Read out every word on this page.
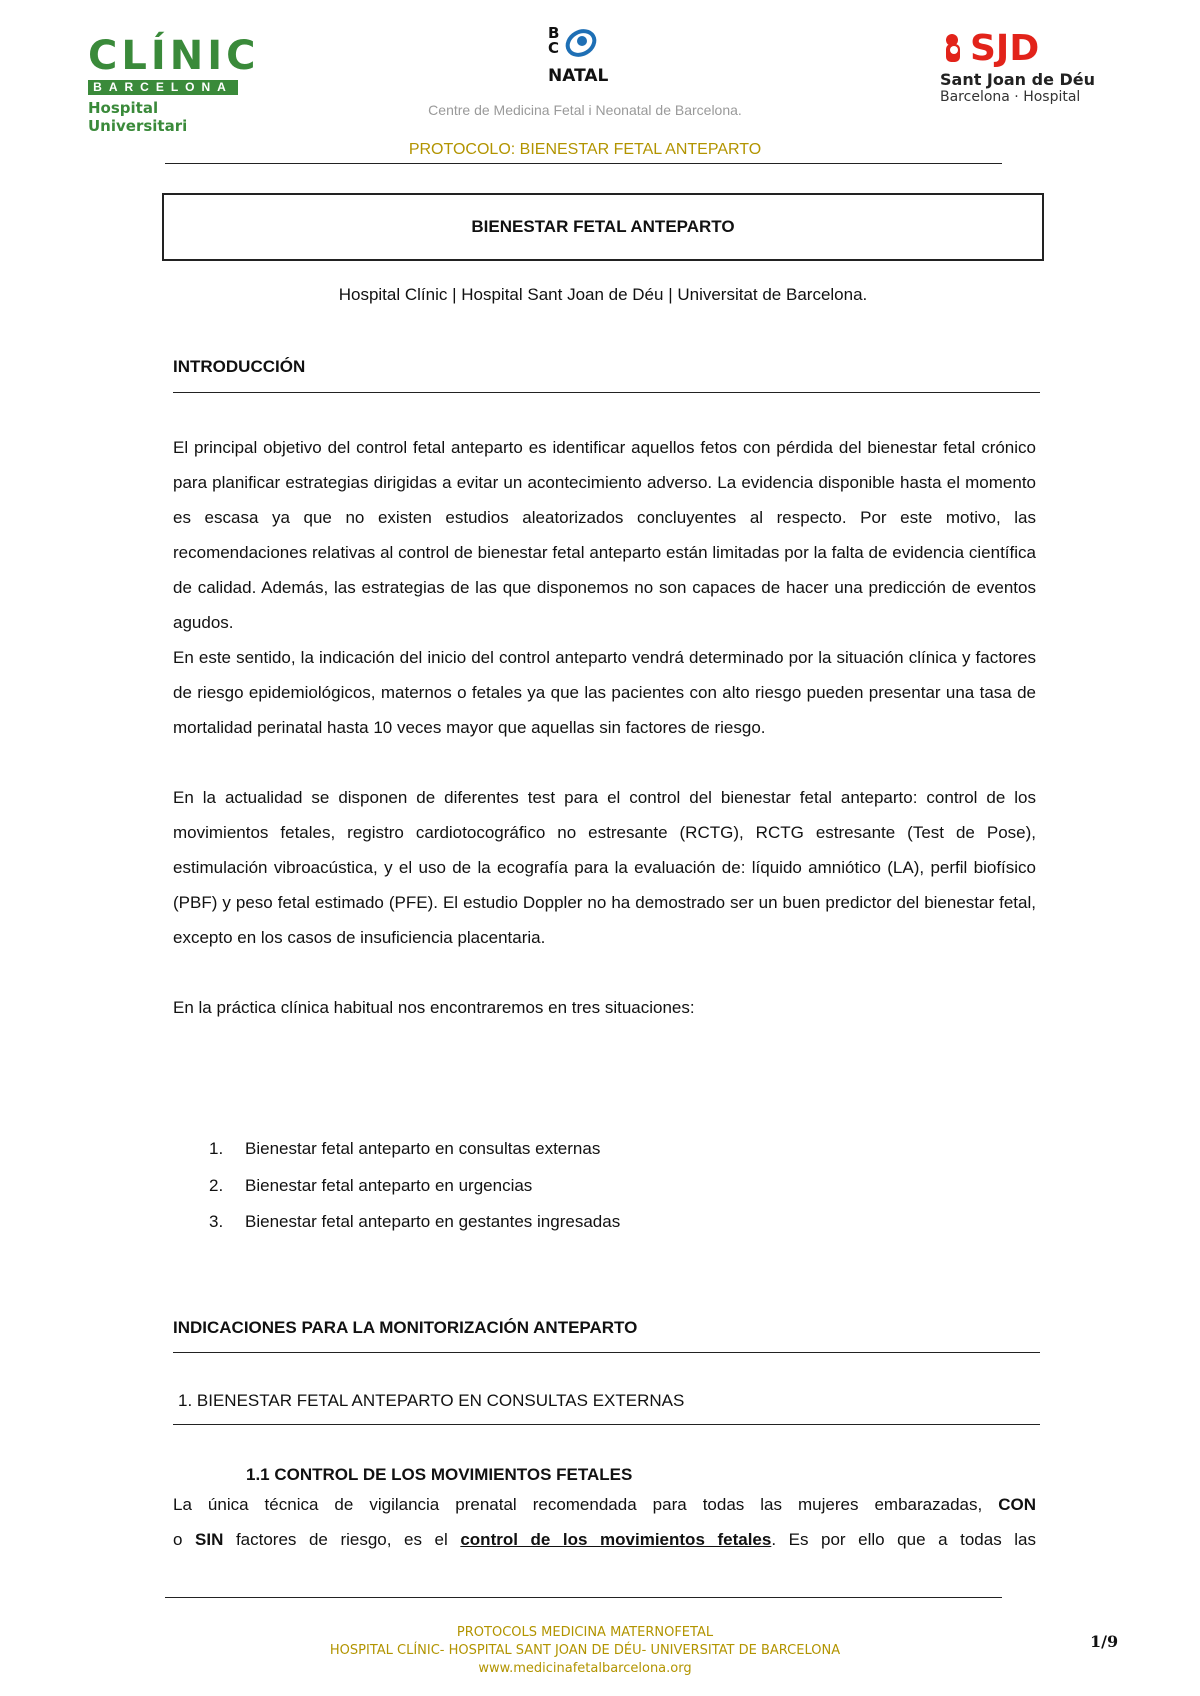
CLÍNIC
BARCELONA
Hospital Universitari
B
C
NATAL
SJD
Sant Joan de Déu
Barcelona · Hospital
Centre de Medicina Fetal i Neonatal de Barcelona.
PROTOCOLO: BIENESTAR FETAL ANTEPARTO
BIENESTAR FETAL ANTEPARTO
Hospital Clínic | Hospital Sant Joan de Déu | Universitat de Barcelona.
INTRODUCCIÓN

El principal objetivo del control fetal anteparto es identificar aquellos fetos con pérdida del bienestar fetal crónico para planificar estrategias dirigidas a evitar un acontecimiento adverso. La evidencia disponible hasta el momento es escasa ya que no existen estudios aleatorizados concluyentes al respecto. Por este motivo, las recomendaciones relativas al control de bienestar fetal anteparto están limitadas por la falta de evidencia científica de calidad. Además, las estrategias de las que disponemos no son capaces de hacer una predicción de eventos agudos.

En este sentido, la indicación del inicio del control anteparto vendrá determinado por la situación clínica y factores de riesgo epidemiológicos, maternos o fetales ya que las pacientes con alto riesgo pueden presentar una tasa de mortalidad perinatal hasta 10 veces mayor que aquellas sin factores de riesgo.

En la actualidad se disponen de diferentes test para el control del bienestar fetal anteparto: control de los movimientos fetales, registro cardiotocográfico no estresante (RCTG), RCTG estresante (Test de Pose), estimulación vibroacústica, y el uso de la ecografía para la evaluación de: líquido amniótico (LA), perfil biofísico (PBF) y peso fetal estimado (PFE). El estudio Doppler no ha demostrado ser un buen predictor del bienestar fetal, excepto en los casos de insuficiencia placentaria.

En la práctica clínica habitual nos encontraremos en tres situaciones:

1.	Bienestar fetal anteparto en consultas externas
2.	Bienestar fetal anteparto en urgencias
3.	Bienestar fetal anteparto en gestantes ingresadas
INDICACIONES PARA LA MONITORIZACIÓN ANTEPARTO
1. BIENESTAR FETAL ANTEPARTO EN CONSULTAS EXTERNAS
1.1 CONTROL DE LOS MOVIMIENTOS FETALES

La única técnica de vigilancia prenatal recomendada para todas las mujeres embarazadas, CON

o SIN factores de riesgo, es el control de los movimientos fetales. Es por ello que a todas las

PROTOCOLS MEDICINA MATERNOFETAL
HOSPITAL CLÍNIC- HOSPITAL SANT JOAN DE DÉU- UNIVERSITAT DE BARCELONA
www.medicinafetalbarcelona.org
1/9
